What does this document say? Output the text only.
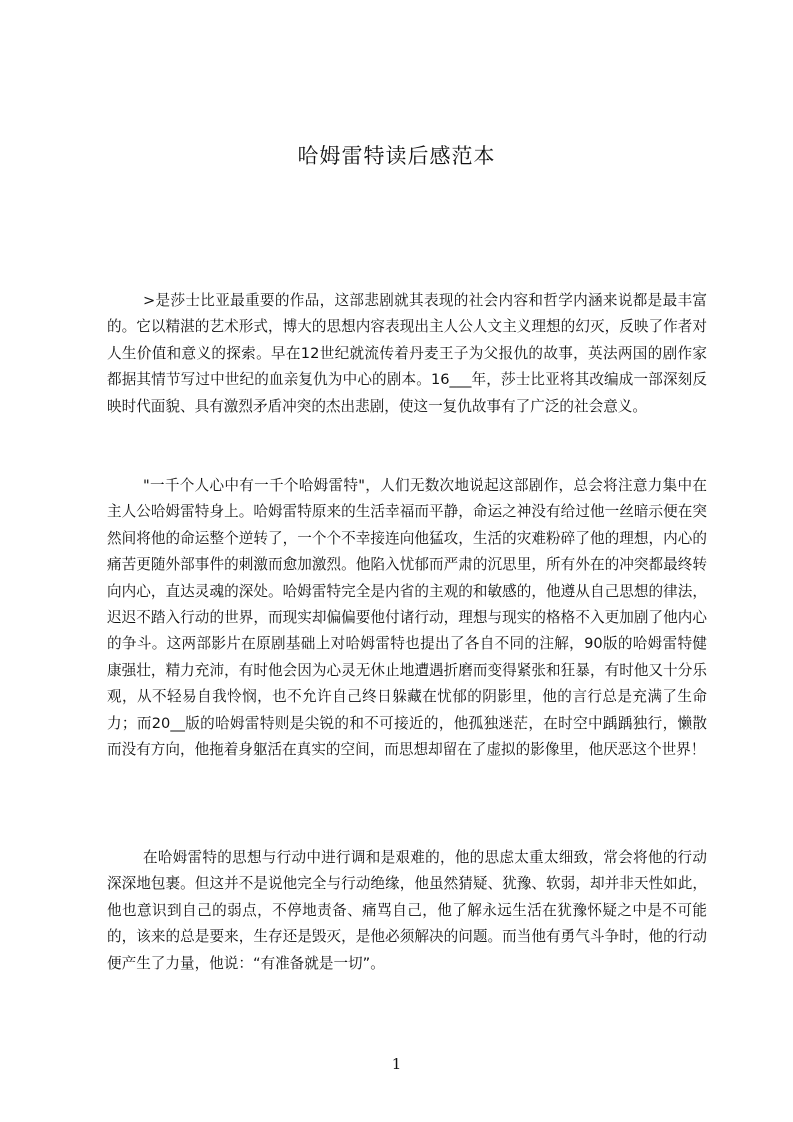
哈姆雷特读后感范本
>是莎士比亚最重要的作品，这部悲剧就其表现的社会内容和哲学内涵来说都是最丰富的。它以精湛的艺术形式，博大的思想内容表现出主人公人文主义理想的幻灭，反映了作者对人生价值和意义的探索。早在12世纪就流传着丹麦王子为父报仇的故事，英法两国的剧作家都据其情节写过中世纪的血亲复仇为中心的剧本。16___年，莎士比亚将其改编成一部深刻反映时代面貌、具有激烈矛盾冲突的杰出悲剧，使这一复仇故事有了广泛的社会意义。
"一千个人心中有一千个哈姆雷特"，人们无数次地说起这部剧作，总会将注意力集中在主人公哈姆雷特身上。哈姆雷特原来的生活幸福而平静，命运之神没有给过他一丝暗示便在突然间将他的命运整个逆转了，一个个不幸接连向他猛攻，生活的灾难粉碎了他的理想，内心的痛苦更随外部事件的刺激而愈加激烈。他陷入忧郁而严肃的沉思里，所有外在的冲突都最终转向内心，直达灵魂的深处。哈姆雷特完全是内省的主观的和敏感的，他遵从自己思想的律法，迟迟不踏入行动的世界，而现实却偏偏要他付诸行动，理想与现实的格格不入更加剧了他内心的争斗。这两部影片在原剧基础上对哈姆雷特也提出了各自不同的注解，90版的哈姆雷特健康强壮，精力充沛，有时他会因为心灵无休止地遭遇折磨而变得紧张和狂暴，有时他又十分乐观，从不轻易自我怜悯，也不允许自己终日躲藏在忧郁的阴影里，他的言行总是充满了生命力；而20__版的哈姆雷特则是尖锐的和不可接近的，他孤独迷茫，在时空中踽踽独行，懒散而没有方向，他拖着身躯活在真实的空间，而思想却留在了虚拟的影像里，他厌恶这个世界！
在哈姆雷特的思想与行动中进行调和是艰难的，他的思虑太重太细致，常会将他的行动深深地包裹。但这并不是说他完全与行动绝缘，他虽然猜疑、犹豫、软弱，却并非天性如此，他也意识到自己的弱点，不停地责备、痛骂自己，他了解永远生活在犹豫怀疑之中是不可能的，该来的总是要来，生存还是毁灭，是他必须解决的问题。而当他有勇气斗争时，他的行动便产生了力量，他说：“有准备就是一切”。
1
